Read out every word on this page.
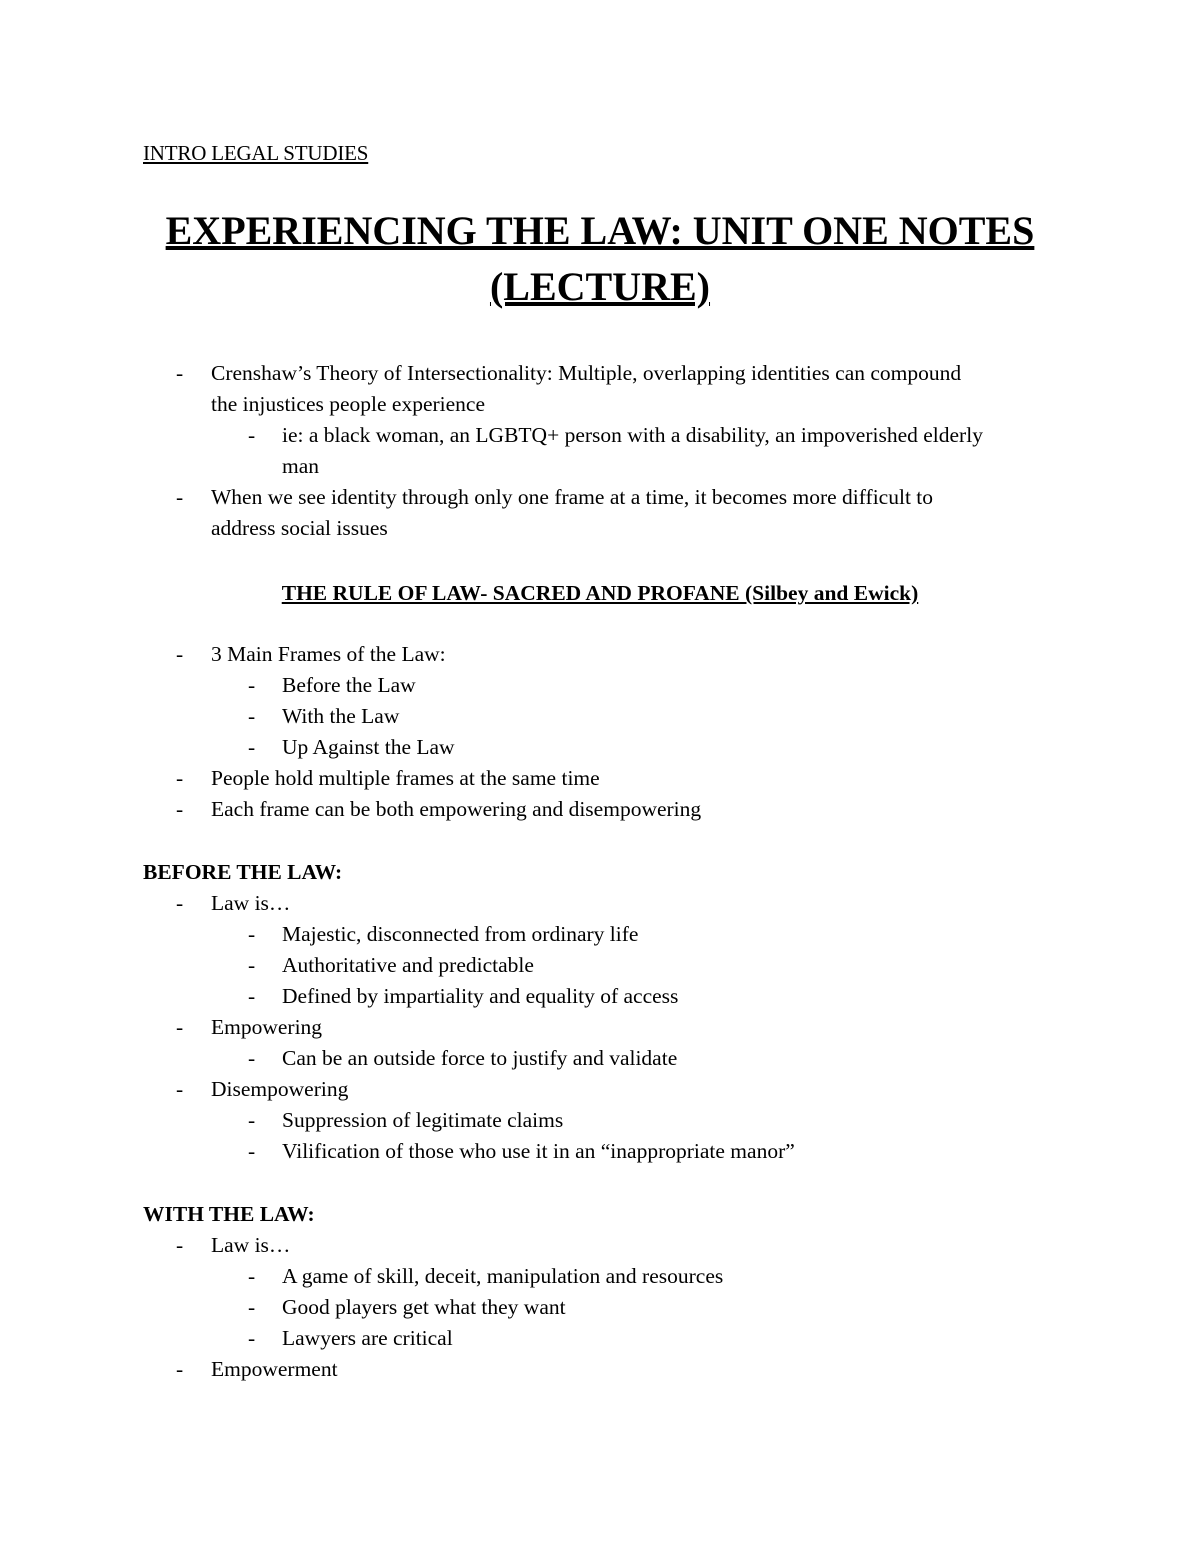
INTRO LEGAL STUDIES
EXPERIENCING THE LAW: UNIT ONE NOTES
(LECTURE)
- Crenshaw’s Theory of Intersectionality: Multiple, overlapping identities can compound
the injustices people experience
- ie: a black woman, an LGBTQ+ person with a disability, an impoverished elderly
man
- When we see identity through only one frame at a time, it becomes more difficult to
address social issues
THE RULE OF LAW- SACRED AND PROFANE (Silbey and Ewick)
- 3 Main Frames of the Law:
- Before the Law
- With the Law
- Up Against the Law
- People hold multiple frames at the same time
- Each frame can be both empowering and disempowering
BEFORE THE LAW:
- Law is…
- Majestic, disconnected from ordinary life
- Authoritative and predictable
- Defined by impartiality and equality of access
- Empowering
- Can be an outside force to justify and validate
- Disempowering
- Suppression of legitimate claims
- Vilification of those who use it in an “inappropriate manor”
WITH THE LAW:
- Law is…
- A game of skill, deceit, manipulation and resources
- Good players get what they want
- Lawyers are critical
- Empowerment
